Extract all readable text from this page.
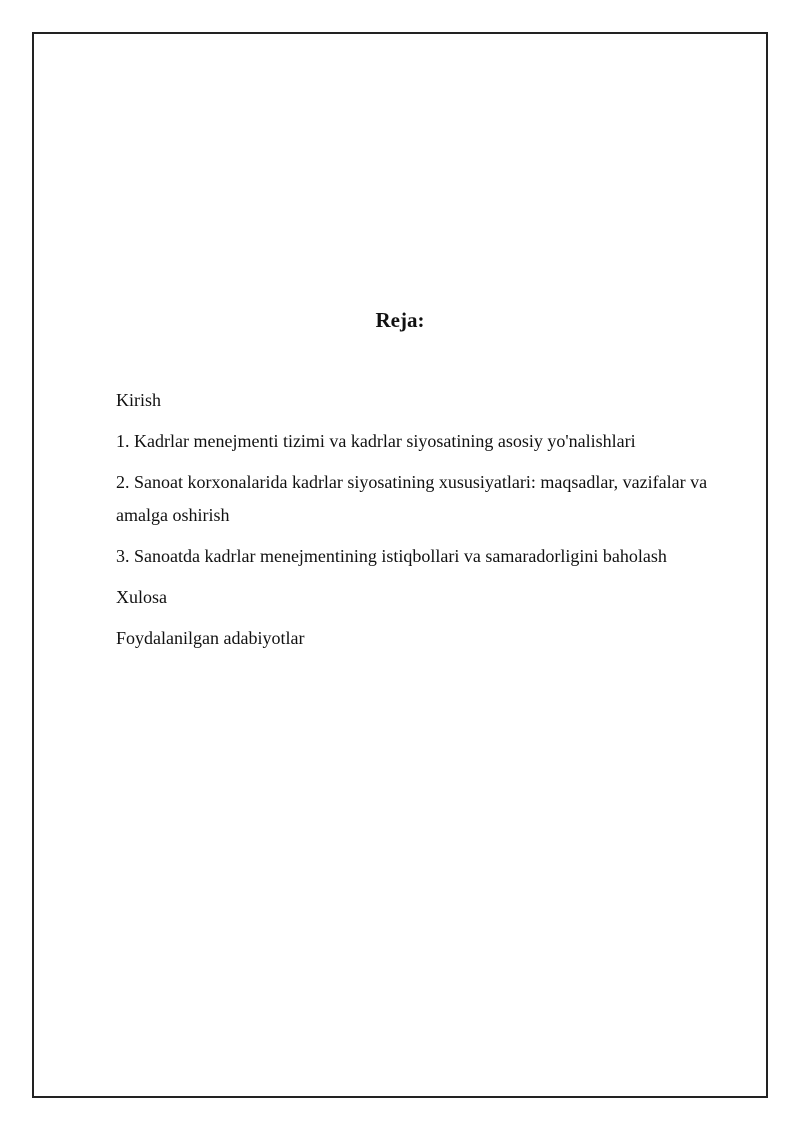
Reja:
Kirish
1. Kadrlar menejmenti tizimi va kadrlar siyosatining asosiy yo'nalishlari
2. Sanoat korxonalarida kadrlar siyosatining xususiyatlari: maqsadlar, vazifalar va amalga oshirish
3. Sanoatda kadrlar menejmentining istiqbollari va samaradorligini baholash
Xulosa
Foydalanilgan adabiyotlar
